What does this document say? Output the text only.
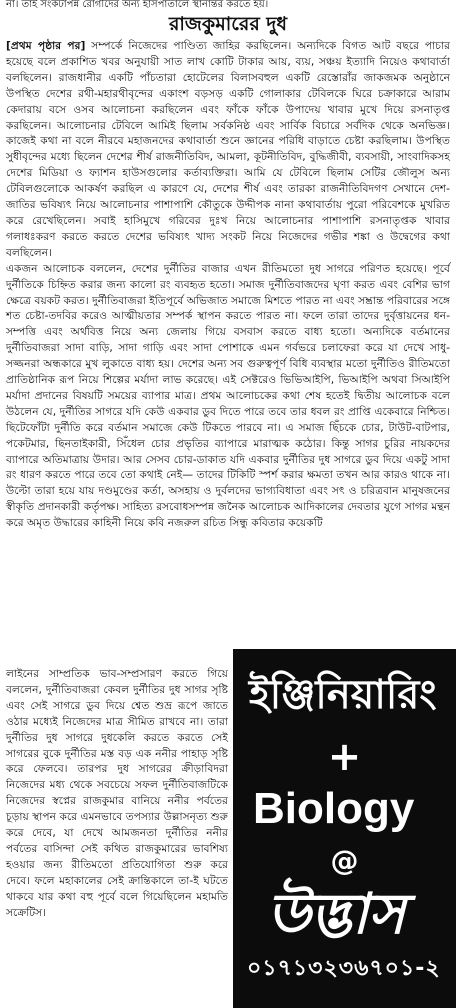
না। তাই সংকটাপন্ন রোগীদের অন্য হাসপাতালে স্থানান্তর করতে হয়।
রাজকুমারের দুধ

[প্রথম পৃষ্ঠার পর] সম্পর্কে নিজেদের পাণ্ডিত্য জাহির করছিলেন। অন্যদিকে বিগত আট বছরে পাচার হয়েছে বলে প্রকাশিত খবর অনুযায়ী সাত লাখ কোটি টাকার আয়, ব্যয়, সঞ্চয় ইত্যাদি নিয়েও কথাবার্তা বলছিলেন। রাজধানীর একটি পাঁচতারা হোটেলের বিলাসবহুল একটি রেস্তোরাঁর জাকজমক অনুষ্ঠানে উপস্থিত দেশের রথী-মহারথীবৃন্দের একাংশ বড়সড় একটি গোলাকার টেবিলকে ঘিরে চক্রাকারে আরাম কেদারায় বসে ওসব আলোচনা করছিলেন এবং ফাঁকে ফাঁকে উপাদেয় খাবার মুখে দিয়ে রসনাতৃপ্ত করছিলেন। আলোচনার টেবিলে আমিই ছিলাম সর্বকনিষ্ঠ এবং সার্বিক বিচারে সর্বদিক থেকে অনভিজ্ঞ। কাজেই কথা না বলে নীরবে মহাজনদের কথাবার্তা শুনে জ্ঞানের পরিধি বাড়াতে চেষ্টা করছিলাম। উপস্থিত সুধীবৃন্দের মধ্যে ছিলেন দেশের শীর্ষ রাজনীতিবিদ, আমলা, কূটনীতিবিদ, বুদ্ধিজীবী, ব্যবসায়ী, সাংবাদিকসহ দেশের মিডিয়া ও ফ্যাশন হাউসগুলোর কর্তাব্যক্তিরা। আমি যে টেবিলে ছিলাম সেটির জৌলুস অন্য টেবিলগুলোকে আকর্ষণ করছিল এ কারণে যে, দেশের শীর্ষ এবং তারকা রাজনীতিবিদগণ সেখানে দেশ-জাতির ভবিষ্যৎ নিয়ে আলোচনার পাশাপাশি কৌতুকে উদ্দীপক নানা কথাবার্তায় পুরো পরিবেশকে মুখরিত করে রেখেছিলেন। সবাই হাসিমুখে গরিবের দুঃখ নিয়ে আলোচনার পাশাপাশি রসনাতৃপ্তক খাবার গলাধঃকরণ করতে করতে দেশের ভবিষ্যৎ খাদ্য সংকট নিয়ে নিজেদের গভীর শঙ্কা ও উদ্বেগের কথা বলছিলেন।

একজন আলোচক বললেন, দেশের দুর্নীতির বাজার এখন রীতিমতো দুধ সাগরে পরিণত হয়েছে। পূর্বে দুর্নীতিকে চিহ্নিত করার জন্য কালো রং ব্যবহৃত হতো। সমাজ দুর্নীতিবাজদের ঘৃণা করত এবং বেশির ভাগ ক্ষেত্রে বয়কট করত। দুর্নীতিবাজরা ইতিপূর্বে অভিজাত সমাজে মিশতে পারত না এবং সম্ভ্রান্ত পরিবারের সঙ্গে শত চেষ্টা-তদবির করেও আত্মীয়তার সম্পর্ক স্থাপন করতে পারত না। ফলে তারা তাদের দুর্বৃত্তায়নের ধন-সম্পত্তি এবং অর্থবিত্ত নিয়ে অন্য জেলায় গিয়ে বসবাস করতে বাধ্য হতো। অন্যদিকে বর্তমানের দুর্নীতিবাজরা সাদা বাড়ি, সাদা গাড়ি এবং সাদা পোশাকে এমন গর্বভরে চলাফেরা করে যা দেখে সাধু-সজ্জনরা অন্ধকারে মুখ লুকাতে বাধ্য হয়। দেশের অন্য সব গুরুত্বপূর্ণ বিধি ব্যবস্থার মতো দুর্নীতিও রীতিমতো প্রাতিষ্ঠানিক রূপ নিয়ে শিল্পের মর্যাদা লাভ করেছে। এই সেক্টরেও ভিভিআইপি, ভিআইপি অথবা সিআইপি মর্যাদা প্রদানের বিষয়টি সময়ের ব্যাপার মাত্র। প্রথম আলোচকের কথা শেষ হতেই দ্বিতীয় আলোচক বলে উঠলেন যে, দুর্নীতির সাগরে যদি কেউ একবার ডুব দিতে পারে তবে তার ধবল রং প্রাপ্তি একেবারে নিশ্চিত। ছিটেফোঁটা দুর্নীতি করে বর্তমান সমাজে কেউ টিকতে পারবে না। এ সমাজ ছিঁচকে চোর, টাউট-বাটপার, পকেটমার, ছিনতাইকারী, সিঁধেল চোর প্রভৃতির ব্যাপারে মারাত্মক কঠোর। কিন্তু সাগর চুরির নায়কদের ব্যাপারে অতিমাত্রায় উদার। আর সেসব চোর-ডাকাত যদি একবার দুর্নীতির দুধ সাগরে ডুব দিয়ে একটু সাদা রং ধারণ করতে পারে তবে তো কথাই নেই— তাদের টিকিটি স্পর্শ করার ক্ষমতা তখন আর কারও থাকে না। উল্টো তারা হয়ে যায় দণ্ডমুণ্ডের কর্তা, অসহায় ও দুর্বলদের ভাগ্যবিধাতা এবং সৎ ও চরিত্রবান মানুষজনের স্বীকৃতি প্রদানকারী কর্তৃপক্ষ। সাহিত্য রসবোধসম্পন্ন জনৈক আলোচক আদিকালের দেবতার যুগে সাগর মন্থন করে অমৃত উদ্ধারের কাহিনী নিয়ে কবি নজরুল রচিত সিন্ধু কবিতার কয়েকটি

লাইনের সাম্প্রতিক ভাব-সম্প্রসারণ করতে গিয়ে বললেন, দুর্নীতিবাজরা কেবল দুর্নীতির দুধ সাগর সৃষ্টি এবং সেই সাগরে ডুব দিয়ে শ্বেত শুভ্র রূপে জাতে ওঠার মধ্যেই নিজেদের মাত্র সীমিত রাখবে না। তারা দুর্নীতির দুধ সাগরে দুধকেলি করতে করতে সেই সাগরের বুকে দুর্নীতির মস্ত বড় এক ননীর পাহাড় সৃষ্টি করে ফেলবে। তারপর দুধ সাগরের ক্রীড়াবিদরা নিজেদের মধ্য থেকে সবচেয়ে সফল দুর্নীতিবাজটিকে নিজেদের স্বপ্নের রাজকুমার বানিয়ে ননীর পর্বতের চূড়ায় স্থাপন করে এমনভাবে তপস্যার উল্লাসনৃত্য শুরু করে দেবে, যা দেখে আমজনতা দুর্নীতির ননীর পর্বতের বাসিন্দা সেই কথিত রাজকুমারের ভাবশিষ্য হওয়ার জন্য রীতিমতো প্রতিযোগিতা শুরু করে দেবে। ফলে মহাকালের সেই ক্রান্তিকালে তা-ই ঘটতে থাকবে যার কথা বহু পূর্বে বলে গিয়েছিলেন মহামতি সক্রেটিস।

ইঞ্জিনিয়ারিং
+
Biology
@
উদ্ভাস
০১৭১৩২৩৬৭০১-২
